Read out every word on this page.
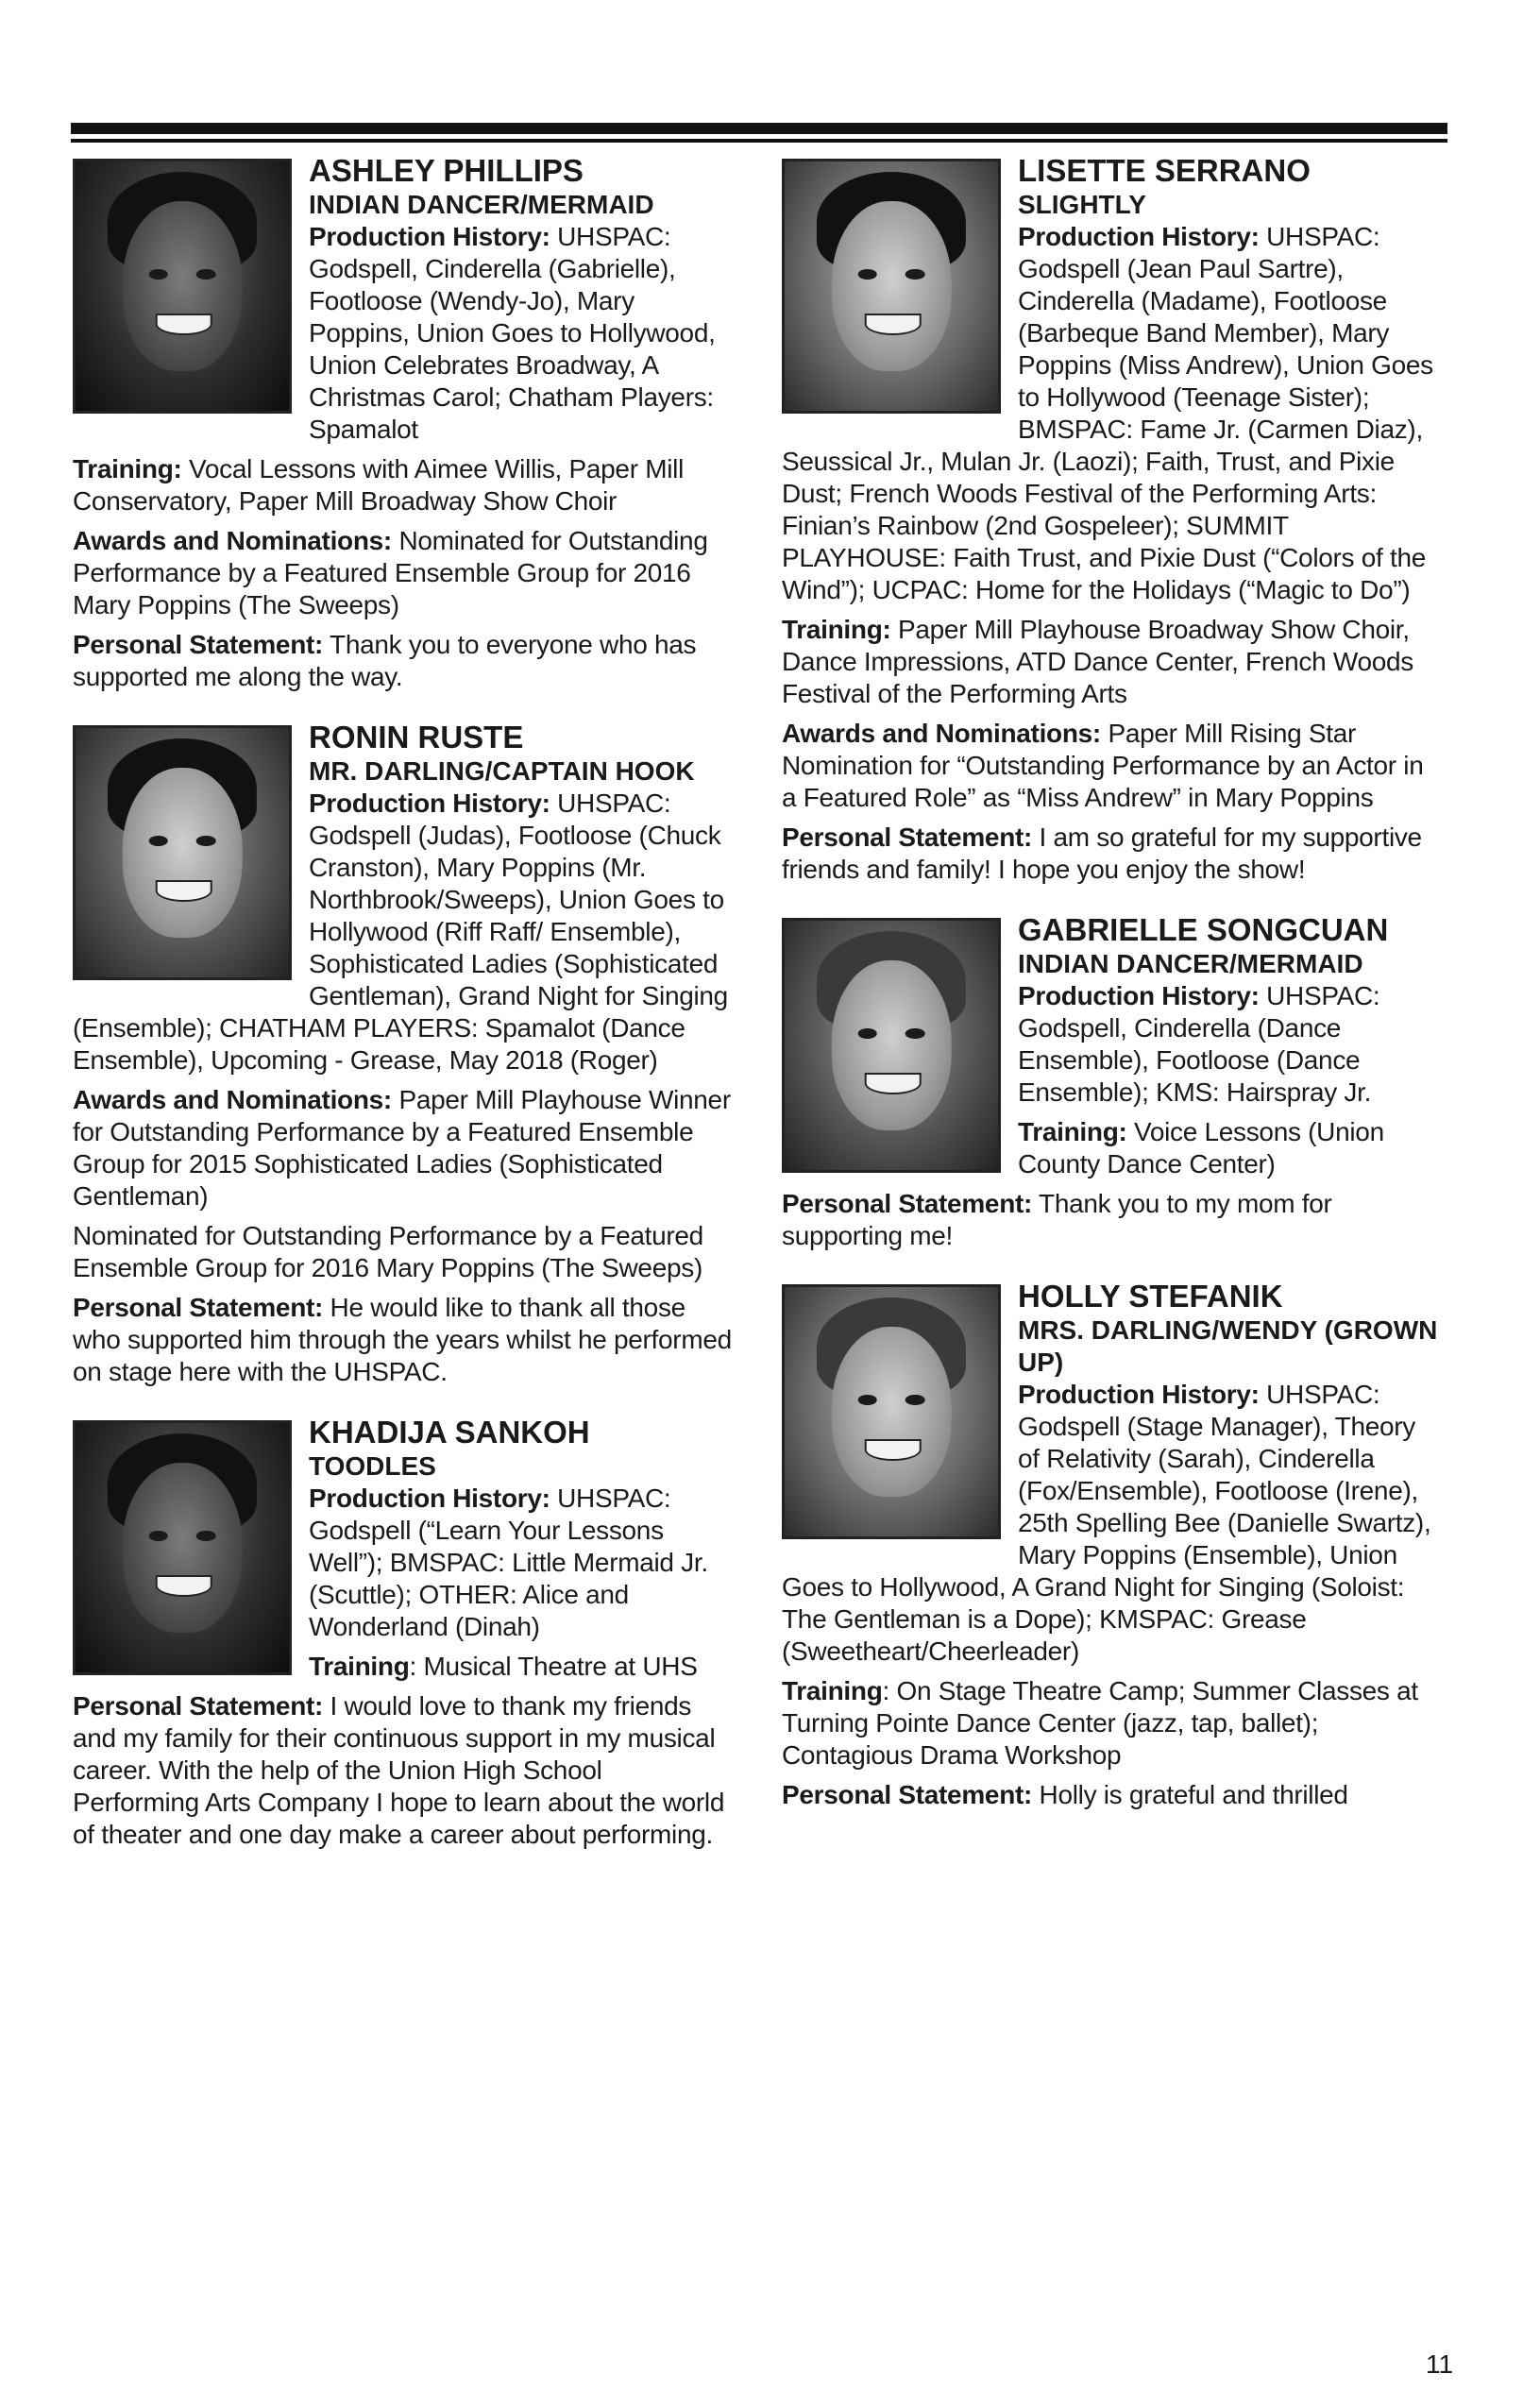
ASHLEY PHILLIPS
INDIAN DANCER/MERMAID

Production History: UHSPAC: Godspell, Cinderella (Gabrielle), Footloose (Wendy-Jo), Mary Poppins, Union Goes to Hollywood, Union Celebrates Broadway, A Christmas Carol; Chatham Players: Spamalot

Training: Vocal Lessons with Aimee Willis, Paper Mill Conservatory, Paper Mill Broadway Show Choir

Awards and Nominations: Nominated for Outstanding Performance by a Featured Ensemble Group for 2016 Mary Poppins (The Sweeps)

Personal Statement: Thank you to everyone who has supported me along the way.

RONIN RUSTE
MR. DARLING/CAPTAIN HOOK

Production History: UHSPAC: Godspell (Judas), Footloose (Chuck Cranston), Mary Poppins (Mr. Northbrook/Sweeps), Union Goes to Hollywood (Riff Raff/ Ensemble), Sophisticated Ladies (Sophisticated Gentleman), Grand Night for Singing (Ensemble); CHATHAM PLAYERS: Spamalot (Dance Ensemble), Upcoming - Grease, May 2018 (Roger)

Awards and Nominations: Paper Mill Playhouse Winner for Outstanding Performance by a Featured Ensemble Group for 2015 Sophisticated Ladies (Sophisticated Gentleman)

Nominated for Outstanding Performance by a Featured Ensemble Group for 2016 Mary Poppins (The Sweeps)

Personal Statement: He would like to thank all those who supported him through the years whilst he performed on stage here with the UHSPAC.

KHADIJA SANKOH
TOODLES

Production History: UHSPAC: Godspell (“Learn Your Lessons Well”); BMSPAC: Little Mermaid Jr. (Scuttle); OTHER: Alice and Wonderland (Dinah)

Training: Musical Theatre at UHS

Personal Statement: I would love to thank my friends and my family for their continuous support in my musical career. With the help of the Union High School Performing Arts Company I hope to learn about the world of theater and one day make a career about performing.

LISETTE SERRANO
SLIGHTLY

Production History: UHSPAC: Godspell (Jean Paul Sartre), Cinderella (Madame), Footloose (Barbeque Band Member), Mary Poppins (Miss Andrew), Union Goes to Hollywood (Teenage Sister); BMSPAC: Fame Jr. (Carmen Diaz), Seussical Jr., Mulan Jr. (Laozi); Faith, Trust, and Pixie Dust; French Woods Festival of the Performing Arts: Finian’s Rainbow (2nd Gospeleer); SUMMIT PLAYHOUSE: Faith Trust, and Pixie Dust (“Colors of the Wind”); UCPAC: Home for the Holidays (“Magic to Do”)

Training: Paper Mill Playhouse Broadway Show Choir, Dance Impressions, ATD Dance Center, French Woods Festival of the Performing Arts

Awards and Nominations: Paper Mill Rising Star Nomination for “Outstanding Performance by an Actor in a Featured Role” as “Miss Andrew” in Mary Poppins

Personal Statement: I am so grateful for my supportive friends and family! I hope you enjoy the show!

GABRIELLE SONGCUAN
INDIAN DANCER/MERMAID

Production History: UHSPAC: Godspell, Cinderella (Dance Ensemble), Footloose (Dance Ensemble); KMS: Hairspray Jr.

Training: Voice Lessons (Union County Dance Center)

Personal Statement: Thank you to my mom for supporting me!

HOLLY STEFANIK
MRS. DARLING/WENDY (GROWN UP)

Production History: UHSPAC: Godspell (Stage Manager), Theory of Relativity (Sarah), Cinderella (Fox/Ensemble), Footloose (Irene), 25th Spelling Bee (Danielle Swartz), Mary Poppins (Ensemble), Union Goes to Hollywood, A Grand Night for Singing (Soloist: The Gentleman is a Dope); KMSPAC: Grease (Sweetheart/Cheerleader)

Training: On Stage Theatre Camp; Summer Classes at Turning Pointe Dance Center (jazz, tap, ballet); Contagious Drama Workshop

Personal Statement: Holly is grateful and thrilled

11
